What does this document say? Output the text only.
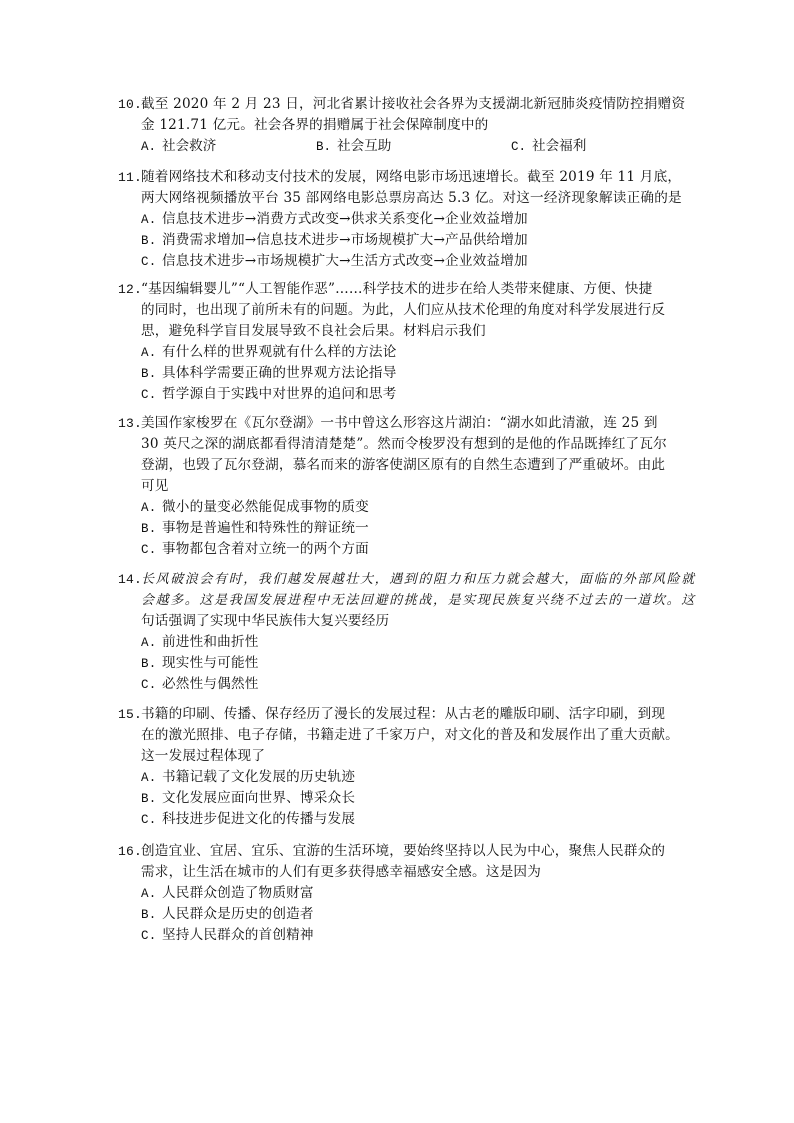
10.截至 2020 年 2 月 23 日，河北省累计接收社会各界为支援湖北新冠肺炎疫情防控捐赠资
金 121.71 亿元。社会各界的捐赠属于社会保障制度中的
A. 社会救济	B. 社会互助	C. 社会福利
11.随着网络技术和移动支付技术的发展，网络电影市场迅速增长。截至 2019 年 11 月底，
两大网络视频播放平台 35 部网络电影总票房高达 5.3 亿。对这一经济现象解读正确的是
A. 信息技术进步→消费方式改变→供求关系变化→企业效益增加
B. 消费需求增加→信息技术进步→市场规模扩大→产品供给增加
C. 信息技术进步→市场规模扩大→生活方式改变→企业效益增加
12.“基因编辑婴儿”“人工智能作恶”……科学技术的进步在给人类带来健康、方便、快捷
的同时，也出现了前所未有的问题。为此，人们应从技术伦理的角度对科学发展进行反
思，避免科学盲目发展导致不良社会后果。材料启示我们
A. 有什么样的世界观就有什么样的方法论
B. 具体科学需要正确的世界观方法论指导
C. 哲学源自于实践中对世界的追问和思考
13.美国作家梭罗在《瓦尔登湖》一书中曾这么形容这片湖泊：“湖水如此清澈，连 25 到
30 英尺之深的湖底都看得清清楚楚”。然而令梭罗没有想到的是他的作品既捧红了瓦尔
登湖，也毁了瓦尔登湖，慕名而来的游客使湖区原有的自然生态遭到了严重破坏。由此
可见
A. 微小的量变必然能促成事物的质变
B. 事物是普遍性和特殊性的辩证统一
C. 事物都包含着对立统一的两个方面
14.长风破浪会有时，我们越发展越壮大，遇到的阻力和压力就会越大，面临的外部风险就
会越多。这是我国发展进程中无法回避的挑战，是实现民族复兴绕不过去的一道坎。这
句话强调了实现中华民族伟大复兴要经历
A. 前进性和曲折性
B. 现实性与可能性
C. 必然性与偶然性
15.书籍的印刷、传播、保存经历了漫长的发展过程：从古老的雕版印刷、活字印刷，到现
在的激光照排、电子存储，书籍走进了千家万户，对文化的普及和发展作出了重大贡献。
这一发展过程体现了
A. 书籍记载了文化发展的历史轨迹
B. 文化发展应面向世界、博采众长
C. 科技进步促进文化的传播与发展
16.创造宜业、宜居、宜乐、宜游的生活环境，要始终坚持以人民为中心，聚焦人民群众的
需求，让生活在城市的人们有更多获得感幸福感安全感。这是因为
A. 人民群众创造了物质财富
B. 人民群众是历史的创造者
C. 坚持人民群众的首创精神
